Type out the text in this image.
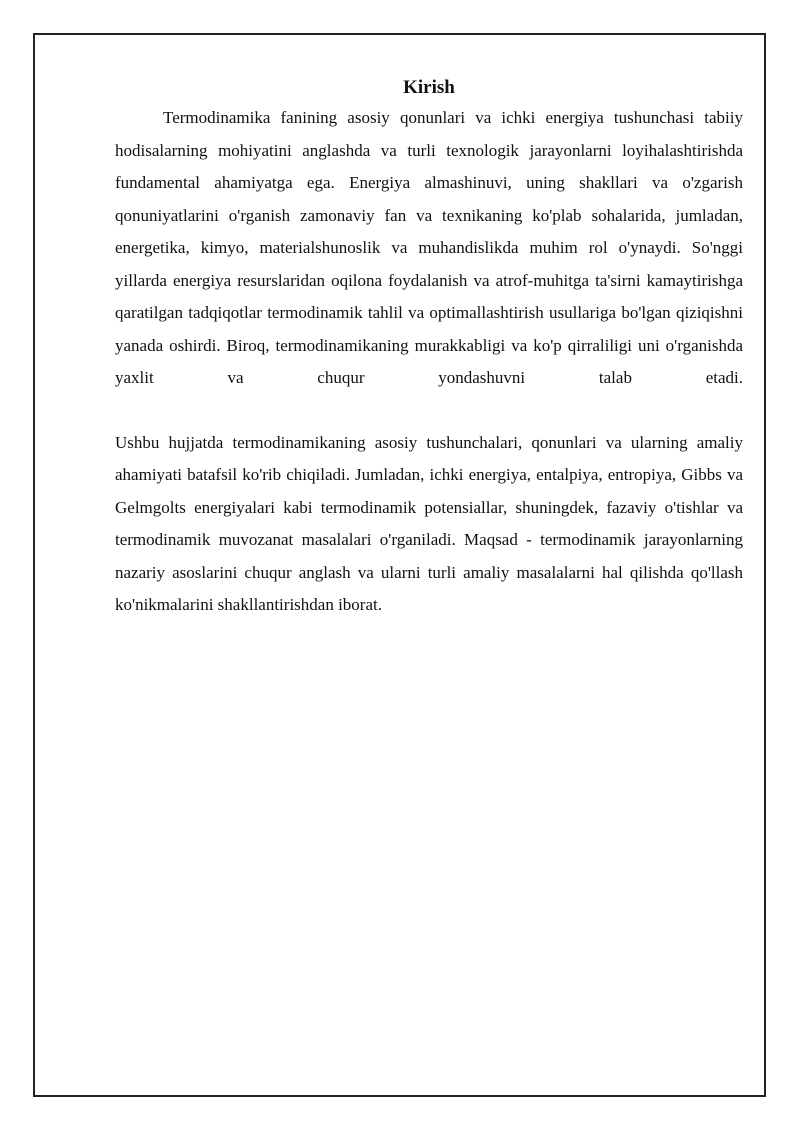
Kirish

Termodinamika fanining asosiy qonunlari va ichki energiya tushunchasi tabiiy hodisalarning mohiyatini anglashda va turli texnologik jarayonlarni loyihalashtirishda fundamental ahamiyatga ega. Energiya almashinuvi, uning shakllari va o'zgarish qonuniyatlarini o'rganish zamonaviy fan va texnikaning ko'plab sohalarida, jumladan, energetika, kimyo, materialshunoslik va muhandislikda muhim rol o'ynaydi. So'nggi yillarda energiya resurslaridan oqilona foydalanish va atrof-muhitga ta'sirni kamaytirishga qaratilgan tadqiqotlar termodinamik tahlil va optimallashtirish usullariga bo'lgan qiziqishni yanada oshirdi. Biroq, termodinamikaning murakkabligi va ko'p qirraliligi uni o'rganishda yaxlit va chuqur yondashuvni talab etadi.

Ushbu hujjatda termodinamikaning asosiy tushunchalari, qonunlari va ularning amaliy ahamiyati batafsil ko'rib chiqiladi. Jumladan, ichki energiya, entalpiya, entropiya, Gibbs va Gelmgolts energiyalari kabi termodinamik potensiallar, shuningdek, fazaviy o'tishlar va termodinamik muvozanat masalalari o'rganiladi. Maqsad - termodinamik jarayonlarning nazariy asoslarini chuqur anglash va ularni turli amaliy masalalarni hal qilishda qo'llash ko'nikmalarini shakllantirishdan iborat.
